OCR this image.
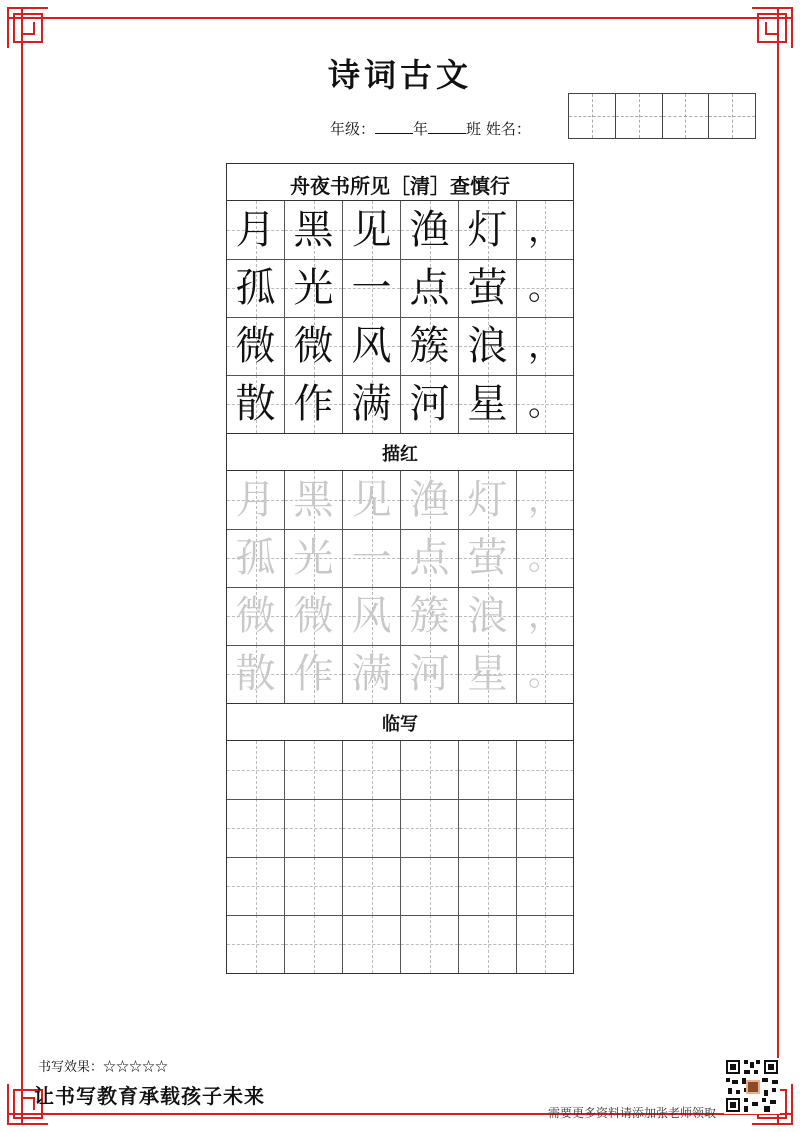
诗词古文
年级：	年	班 姓名：
舟夜书所见［清］查慎行
月 黑 见 渔 灯 ，
孤 光 一 点 萤 。
微 微 风 簇 浪 ，
散 作 满 河 星 。
描红
月 黑 见 渔 灯 ，
孤 光 一 点 萤 。
微 微 风 簇 浪 ，
散 作 满 河 星 。
临写
书写效果：☆☆☆☆☆
让书写教育承载孩子未来
需要更多资料请添加张老师领取
